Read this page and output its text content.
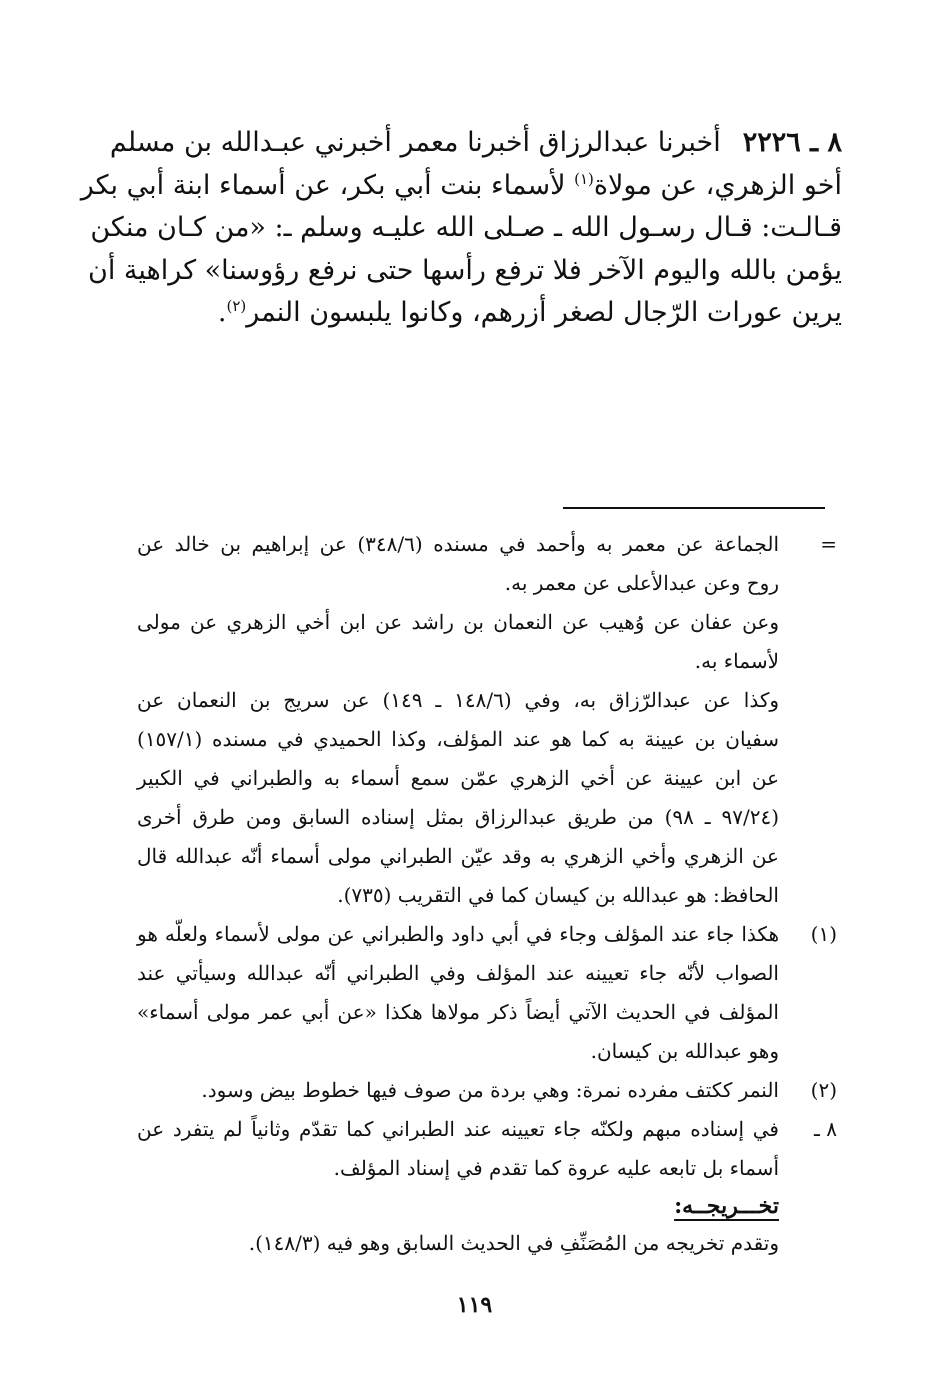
٨ ـ ٢٢٢٦أخبرنا عبدالرزاق أخبرنا معمر أخبرني عبـدالله بن مسلم
أخو الزهري، عن مولاة$^{(١)}$ لأسماء بنت أبي بكر، عن أسماء ابنة أبي بكر
قـالـت: قـال رسـول الله ـ صـلى الله عليـه وسلم ـ: «من كـان منكن
يؤمن بالله واليوم الآخر فلا ترفع رأسها حتى نرفع رؤوسنا» كراهية أن
يرين عورات الرّجال لصغر أزرهم، وكانوا يلبسون النمر$^{(٢)}$.
=
الجماعة عن معمر به وأحمد في مسنده (٣٤٨/٦) عن إبراهيم بن خالد عن
روح وعن عبدالأعلى عن معمر به.
وعن عفان عن وُهيب عن النعمان بن راشد عن ابن أخي الزهري عن مولى
لأسماء به.
وكذا عن عبدالرّزاق به، وفي (١٤٨/٦ ـ ١٤٩) عن سريج بن النعمان عن
سفيان بن عيينة به كما هو عند المؤلف، وكذا الحميدي في مسنده (١٥٧/١)
عن ابن عيينة عن أخي الزهري عمّن سمع أسماء به والطبراني في الكبير
(٩٧/٢٤ ـ ٩٨) من طريق عبدالرزاق بمثل إسناده السابق ومن طرق أخرى
عن الزهري وأخي الزهري به وقد عيّن الطبراني مولى أسماء أنّه عبدالله قال
الحافظ: هو عبدالله بن كيسان كما في التقريب (٧٣٥).
(١)
هكذا جاء عند المؤلف وجاء في أبي داود والطبراني عن مولى لأسماء ولعلّه هو
الصواب لأنّه جاء تعيينه عند المؤلف وفي الطبراني أنّه عبدالله وسيأتي عند
المؤلف في الحديث الآتي أيضاً ذكر مولاها هكذا «عن أبي عمر مولى أسماء»
وهو عبدالله بن كيسان.
(٢)
النمر ككتف مفرده نمرة: وهي بردة من صوف فيها خطوط بيض وسود.
٨ ـ
في إسناده مبهم ولكنّه جاء تعيينه عند الطبراني كما تقدّم وثانياً لم يتفرد عن
أسماء بل تابعه عليه عروة كما تقدم في إسناد المؤلف.
تخـــريجــه:
وتقدم تخريجه من المُصَنِّفِ في الحديث السابق وهو فيه (١٤٨/٣).
١١٩
